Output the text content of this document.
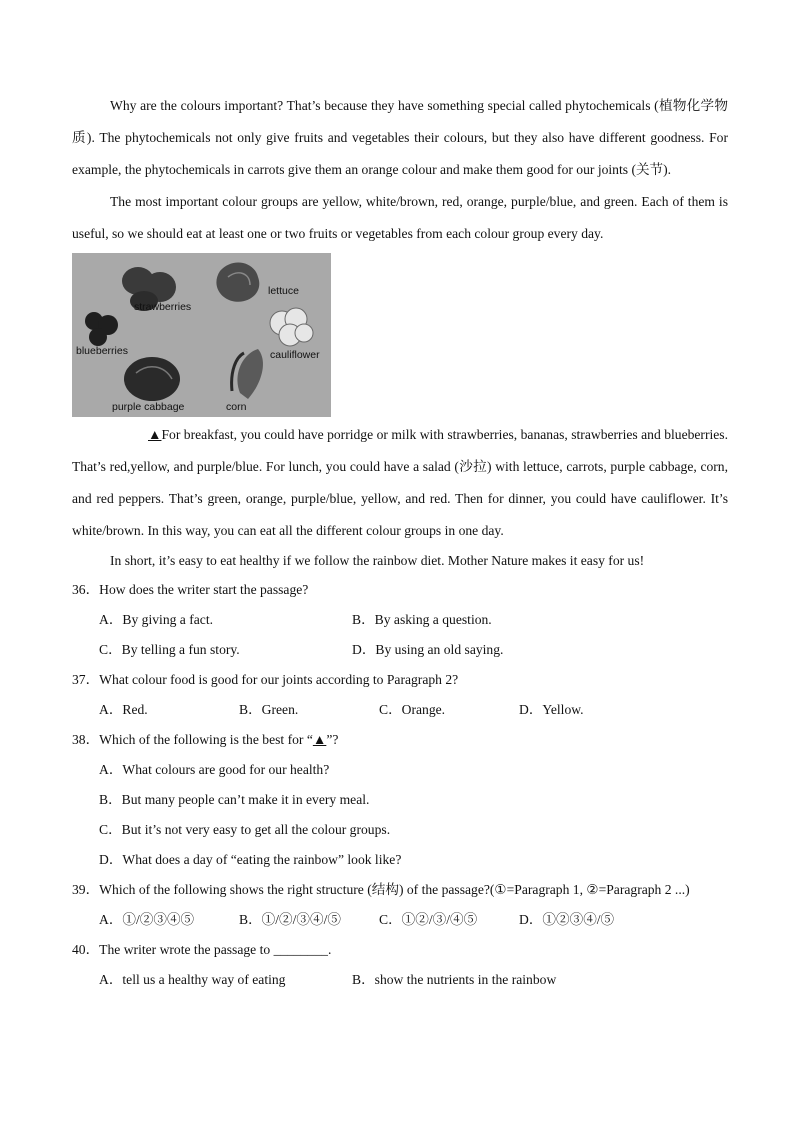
Why are the colours important? That’s because they have something special called phytochemicals (植物化学物质). The phytochemicals not only give fruits and vegetables their colours, but they also have different goodness. For example, the phytochemicals in carrots give them an orange colour and make them good for our joints (关节).

The most important colour groups are yellow, white/brown, red, orange, purple/blue, and green. Each of them is useful, so we should eat at least one or two fruits or vegetables from each colour group every day.

strawberries
lettuce
blueberries	cauliflower
purple cabbage	corn

▲For breakfast, you could have porridge or milk with strawberries, bananas, strawberries and blueberries. That’s red,yellow, and purple/blue. For lunch, you could have a salad (沙拉) with lettuce, carrots, purple cabbage, corn, and red peppers. That’s green, orange, purple/blue, yellow, and red. Then for dinner, you could have cauliflower. It’s white/brown. In this way, you can eat all the different colour groups in one day.

In short, it’s easy to eat healthy if we follow the rainbow diet. Mother Nature makes it easy for us!

36．How does the writer start the passage?

A．By giving a fact.	B．By asking a question.
C．By telling a fun story.	D．By using an old saying.

37．What colour food is good for our joints according to Paragraph 2?

A．Red.	B．Green.	C．Orange.	D．Yellow.

38．Which of the following is the best for “▲”?

A．What colours are good for our health?

B．But many people can’t make it in every meal.

C．But it’s not very easy to get all the colour groups.

D．What does a day of “eating the rainbow” look like?

39．Which of the following shows the right structure (结构) of the passage?(①=Paragraph 1, ②=Paragraph 2 ...)

A．①/②③④⑤	B．①/②/③④/⑤	C．①②/③/④⑤	D．①②③④/⑤

40．The writer wrote the passage to ________.

A．tell us a healthy way of eating	B．show the nutrients in the rainbow
